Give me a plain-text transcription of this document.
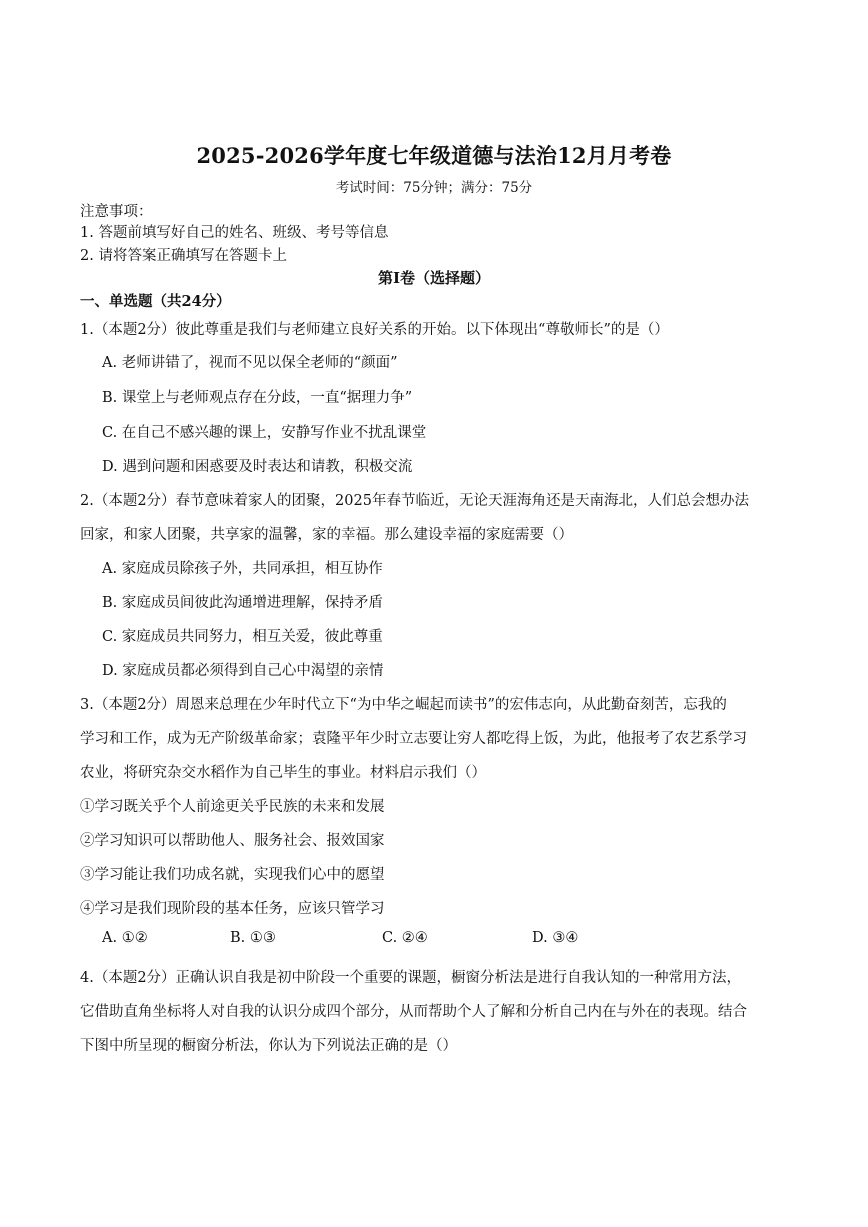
2025-2026学年度七年级道德与法治12月月考卷
考试时间：75分钟；满分：75分
注意事项：
1. 答题前填写好自己的姓名、班级、考号等信息
2. 请将答案正确填写在答题卡上
第Ⅰ卷（选择题）
一、单选题（共24分）
1.（本题2分）彼此尊重是我们与老师建立良好关系的开始。以下体现出“尊敬师长”的是（）
A. 老师讲错了，视而不见以保全老师的“颜面”
B. 课堂上与老师观点存在分歧，一直“据理力争”
C. 在自己不感兴趣的课上，安静写作业不扰乱课堂
D. 遇到问题和困惑要及时表达和请教，积极交流
2.（本题2分）春节意味着家人的团聚，2025年春节临近，无论天涯海角还是天南海北，人们总会想办法
回家，和家人团聚，共享家的温馨，家的幸福。那么建设幸福的家庭需要（）
A. 家庭成员除孩子外，共同承担，相互协作
B. 家庭成员间彼此沟通增进理解，保持矛盾
C. 家庭成员共同努力，相互关爱，彼此尊重
D. 家庭成员都必须得到自己心中渴望的亲情
3.（本题2分）周恩来总理在少年时代立下“为中华之崛起而读书”的宏伟志向，从此勤奋刻苦，忘我的
学习和工作，成为无产阶级革命家；袁隆平年少时立志要让穷人都吃得上饭，为此，他报考了农艺系学习
农业，将研究杂交水稻作为自己毕生的事业。材料启示我们（）
①学习既关乎个人前途更关乎民族的未来和发展
②学习知识可以帮助他人、服务社会、报效国家
③学习能让我们功成名就，实现我们心中的愿望
④学习是我们现阶段的基本任务，应该只管学习
A. ①②	B. ①③	C. ②④	D. ③④
4.（本题2分）正确认识自我是初中阶段一个重要的课题，橱窗分析法是进行自我认知的一种常用方法，
它借助直角坐标将人对自我的认识分成四个部分，从而帮助个人了解和分析自己内在与外在的表现。结合
下图中所呈现的橱窗分析法，你认为下列说法正确的是（）
